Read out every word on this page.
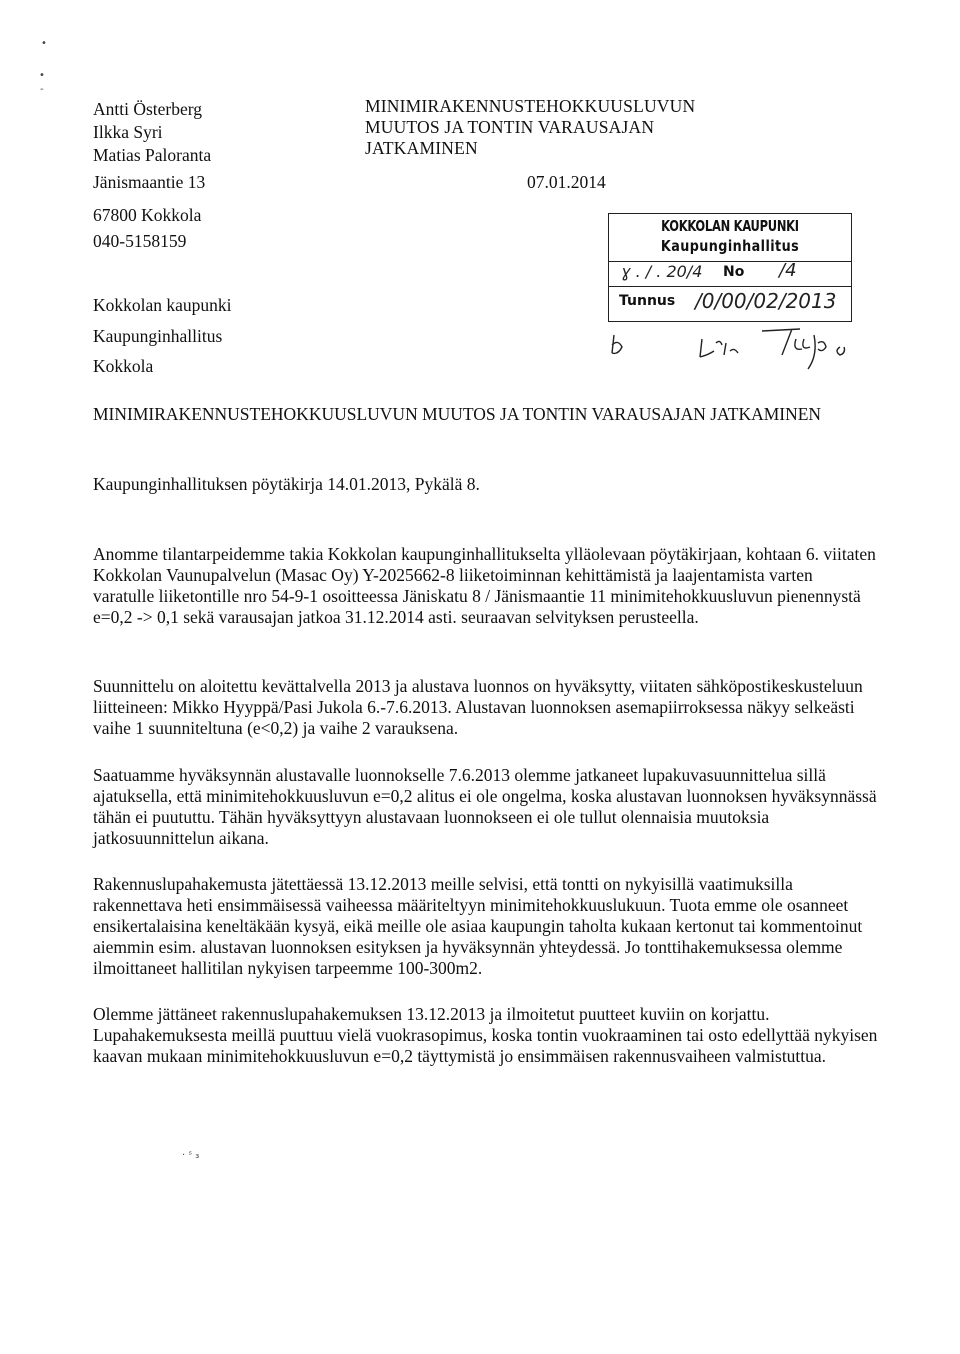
•
•
-
Antti Österberg
Ilkka Syri
Matias Paloranta
Jänismaantie 13
67800 Kokkola
040-5158159
Kokkolan kaupunki
Kaupunginhallitus
Kokkola
MINIMIRAKENNUSTEHOKKUUSLUVUN
MUUTOS JA TONTIN VARAUSAJAN
JATKAMINEN
07.01.2014
KOKKOLAN KAUPUNKI
Kaupunginhallitus
ɣ . / . 20/4 No /4
Tunnus /0/00/02/2013
MINIMIRAKENNUSTEHOKKUUSLUVUN MUUTOS JA TONTIN VARAUSAJAN JATKAMINEN
Kaupunginhallituksen pöytäkirja 14.01.2013, Pykälä 8.
Anomme tilantarpeidemme takia Kokkolan kaupunginhallitukselta ylläolevaan pöytäkirjaan, kohtaan 6. viitaten Kokkolan Vaunupalvelun (Masac Oy) Y-2025662-8 liiketoiminnan kehittämistä ja laajentamista varten varatulle liiketontille nro 54-9-1 osoitteessa Jäniskatu 8 / Jänismaantie 11 minimitehokkuusluvun pienennystä e=0,2 -> 0,1 sekä varausajan jatkoa 31.12.2014 asti. seuraavan selvityksen perusteella.
Suunnittelu on aloitettu kevättalvella 2013 ja alustava luonnos on hyväksytty, viitaten sähköpostikeskusteluun liitteineen: Mikko Hyyppä/Pasi Jukola 6.-7.6.2013. Alustavan luonnoksen asemapiirroksessa näkyy selkeästi vaihe 1 suunniteltuna (e<0,2) ja vaihe 2 varauksena.
Saatuamme hyväksynnän alustavalle luonnokselle 7.6.2013 olemme jatkaneet lupakuvasuunnittelua sillä ajatuksella, että minimitehokkuusluvun e=0,2 alitus ei ole ongelma, koska alustavan luonnoksen hyväksynnässä tähän ei puututtu. Tähän hyväksyttyyn alustavaan luonnokseen ei ole tullut olennaisia muutoksia jatkosuunnittelun aikana.
Rakennuslupahakemusta jätettäessä 13.12.2013 meille selvisi, että tontti on nykyisillä vaatimuksilla rakennettava heti ensimmäisessä vaiheessa määriteltyyn minimitehokkuuslukuun. Tuota emme ole osanneet ensikertalaisina keneltäkään kysyä, eikä meille ole asiaa kaupungin taholta kukaan kertonut tai kommentoinut aiemmin esim. alustavan luonnoksen esityksen ja hyväksynnän yhteydessä. Jo tonttihakemuksessa olemme ilmoittaneet hallitilan nykyisen tarpeemme 100-300m2.
Olemme jättäneet rakennuslupahakemuksen 13.12.2013 ja ilmoitetut puutteet kuviin on korjattu. Lupahakemuksesta meillä puuttuu vielä vuokrasopimus, koska tontin vuokraaminen tai osto edellyttää nykyisen kaavan mukaan minimitehokkuusluvun e=0,2 täyttymistä jo ensimmäisen rakennusvaiheen valmistuttua.
· ˢ ₃
